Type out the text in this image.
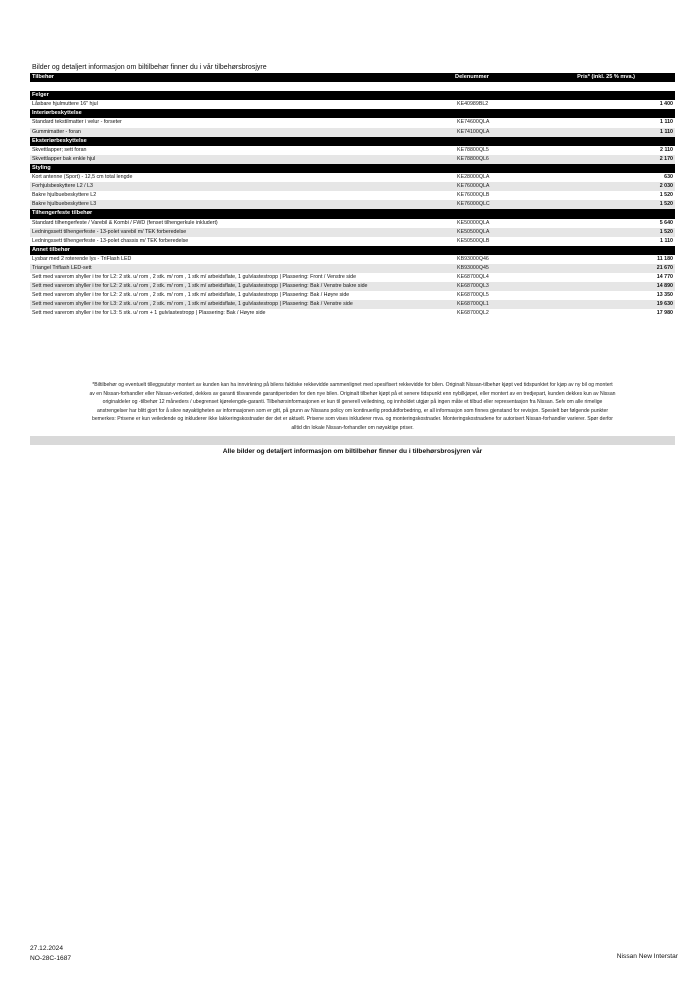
Bilder og detaljert informasjon om biltilbehør finner du i vår tilbehørsbrosjyre
Tilbehør	Delenummer	Pris* (inkl. 25 % mva.)

Felger		
Låsbare hjulmuttere 16" hjul	KE40989BL2	1 400
Interiørbeskyttelse		
Standard tekstilmatter i velur - forseter	KE74600QLA	1 110
Gummimatter - foran	KE74100QLA	1 110
Eksteriørbeskyttelse		
Skvettlapper; sett foran	KE78800QL5	2 110
Skvettlapper bak enkle hjul	KE78800QL6	2 170
Styling		
Kort antenne (Sport) - 12,5 cm total lengde	KE28000QLA	630
Forhjulsbeskyttere L2 / L3	KE76000QLA	2 030
Bakre hjulbuebeskyttere L2	KE76000QLB	1 520
Bakre hjulbuebeskyttere L3	KE76000QLC	1 520
Tilhengerfeste tilbehør		
Standard tilhengerfeste / Varebil & Kombi / FWD (fenset tilhengerkule inkludert)	KE50000QLA	5 640
Ledningssett tilhengerfeste - 13-polet varebil m/ TEK forberedelse	KE50500QLA	1 520
Ledningssett tilhengerfeste - 13-polet chassis m/ TEK forberedelse	KE50500QLB	1 110
Annet tilbehør		
Lysbar med 2 roterende lys - TriFlash LED	KB93000Q46	11 180
Triangel Triflash LED-sett	KB93000Q45	21 670
Sett med varerom shyller i tre for L2: 2 stk. u/ rom , 2 stk. m/ rom , 1 stk m/ arbeidsflate, 1 gulvlastestropp | Plassering: Front / Venstre side	KE68700QL4	14 770
Sett med varerom shyller i tre for L2: 2 stk. u/ rom , 2 stk. m/ rom , 1 stk m/ arbeidsflate, 1 gulvlastestropp | Plassering: Bak / Venstre bakre side	KE68700QL3	14 890
Sett med varerom shyller i tre for L2: 2 stk. u/ rom , 2 stk. m/ rom , 1 stk m/ arbeidsflate, 1 gulvlastestropp | Plassering: Bak / Høyre side	KE68700QL5	13 350
Sett med varerom shyller i tre for L3: 2 stk. u/ rom , 2 stk. m/ rom , 1 stk m/ arbeidsflate, 1 gulvlastestropp | Plassering: Bak / Venstre side	KE68700QL1	19 630
Sett med varerom shyller i tre for L3: 5 stk. u/ rom + 1 gulvlastestropp | Plassering: Bak / Høyre side	KE68700QL2	17 980
*Biltilbehør og eventuelt tilleggsutstyr montert av kunden kan ha innvirkning på bilens faktiske rekkevidde sammenlignet med spesifisert rekkevidde for bilen. Originalt Nissan-tilbehør kjøpt ved tidspunktet for kjøp av ny bil og montert
av en Nissan-forhandler eller Nissan-verksted, dekkes av garanti tilsvarende garantiperioden for den nye bilen. Originalt tilbehør kjøpt på et senere tidspunkt enn nybilkjøpet, eller montert av en tredjepart, kunden dekkes kun av Nissan
originaldeler og -tilbehør 12 måneders / ubegrenset kjørelengde-garanti. Tilbehørsinformasjonen er kun til generell veiledning, og innholdet utgjør på ingen måte et tilbud eller representasjon fra Nissan. Selv om alle rimelige
anstrengelser har blitt gjort for å sikre nøyaktigheten av informasjonen som er gitt, på grunn av Nissans policy om kontinuerlig produktforbedring, er all informasjon som finnes gjenstand for revisjon. Spesielt bør følgende punkter
bemerkes: Prisene er kun veiledende og inkluderer ikke lakkeringskostnader der det er aktuelt. Prisene som vises inkluderer mva. og monteringskostnader. Monteringskostnadene for autorisert Nissan-forhandler varierer. Spør derfor
alltid din lokale Nissan-forhandler om nøyaktige priser.
Alle bilder og detaljert informasjon om biltilbehør finner du i tilbehørsbrosjyren vår
27.12.2024
NO-28C-1687	Nissan New Interstar
